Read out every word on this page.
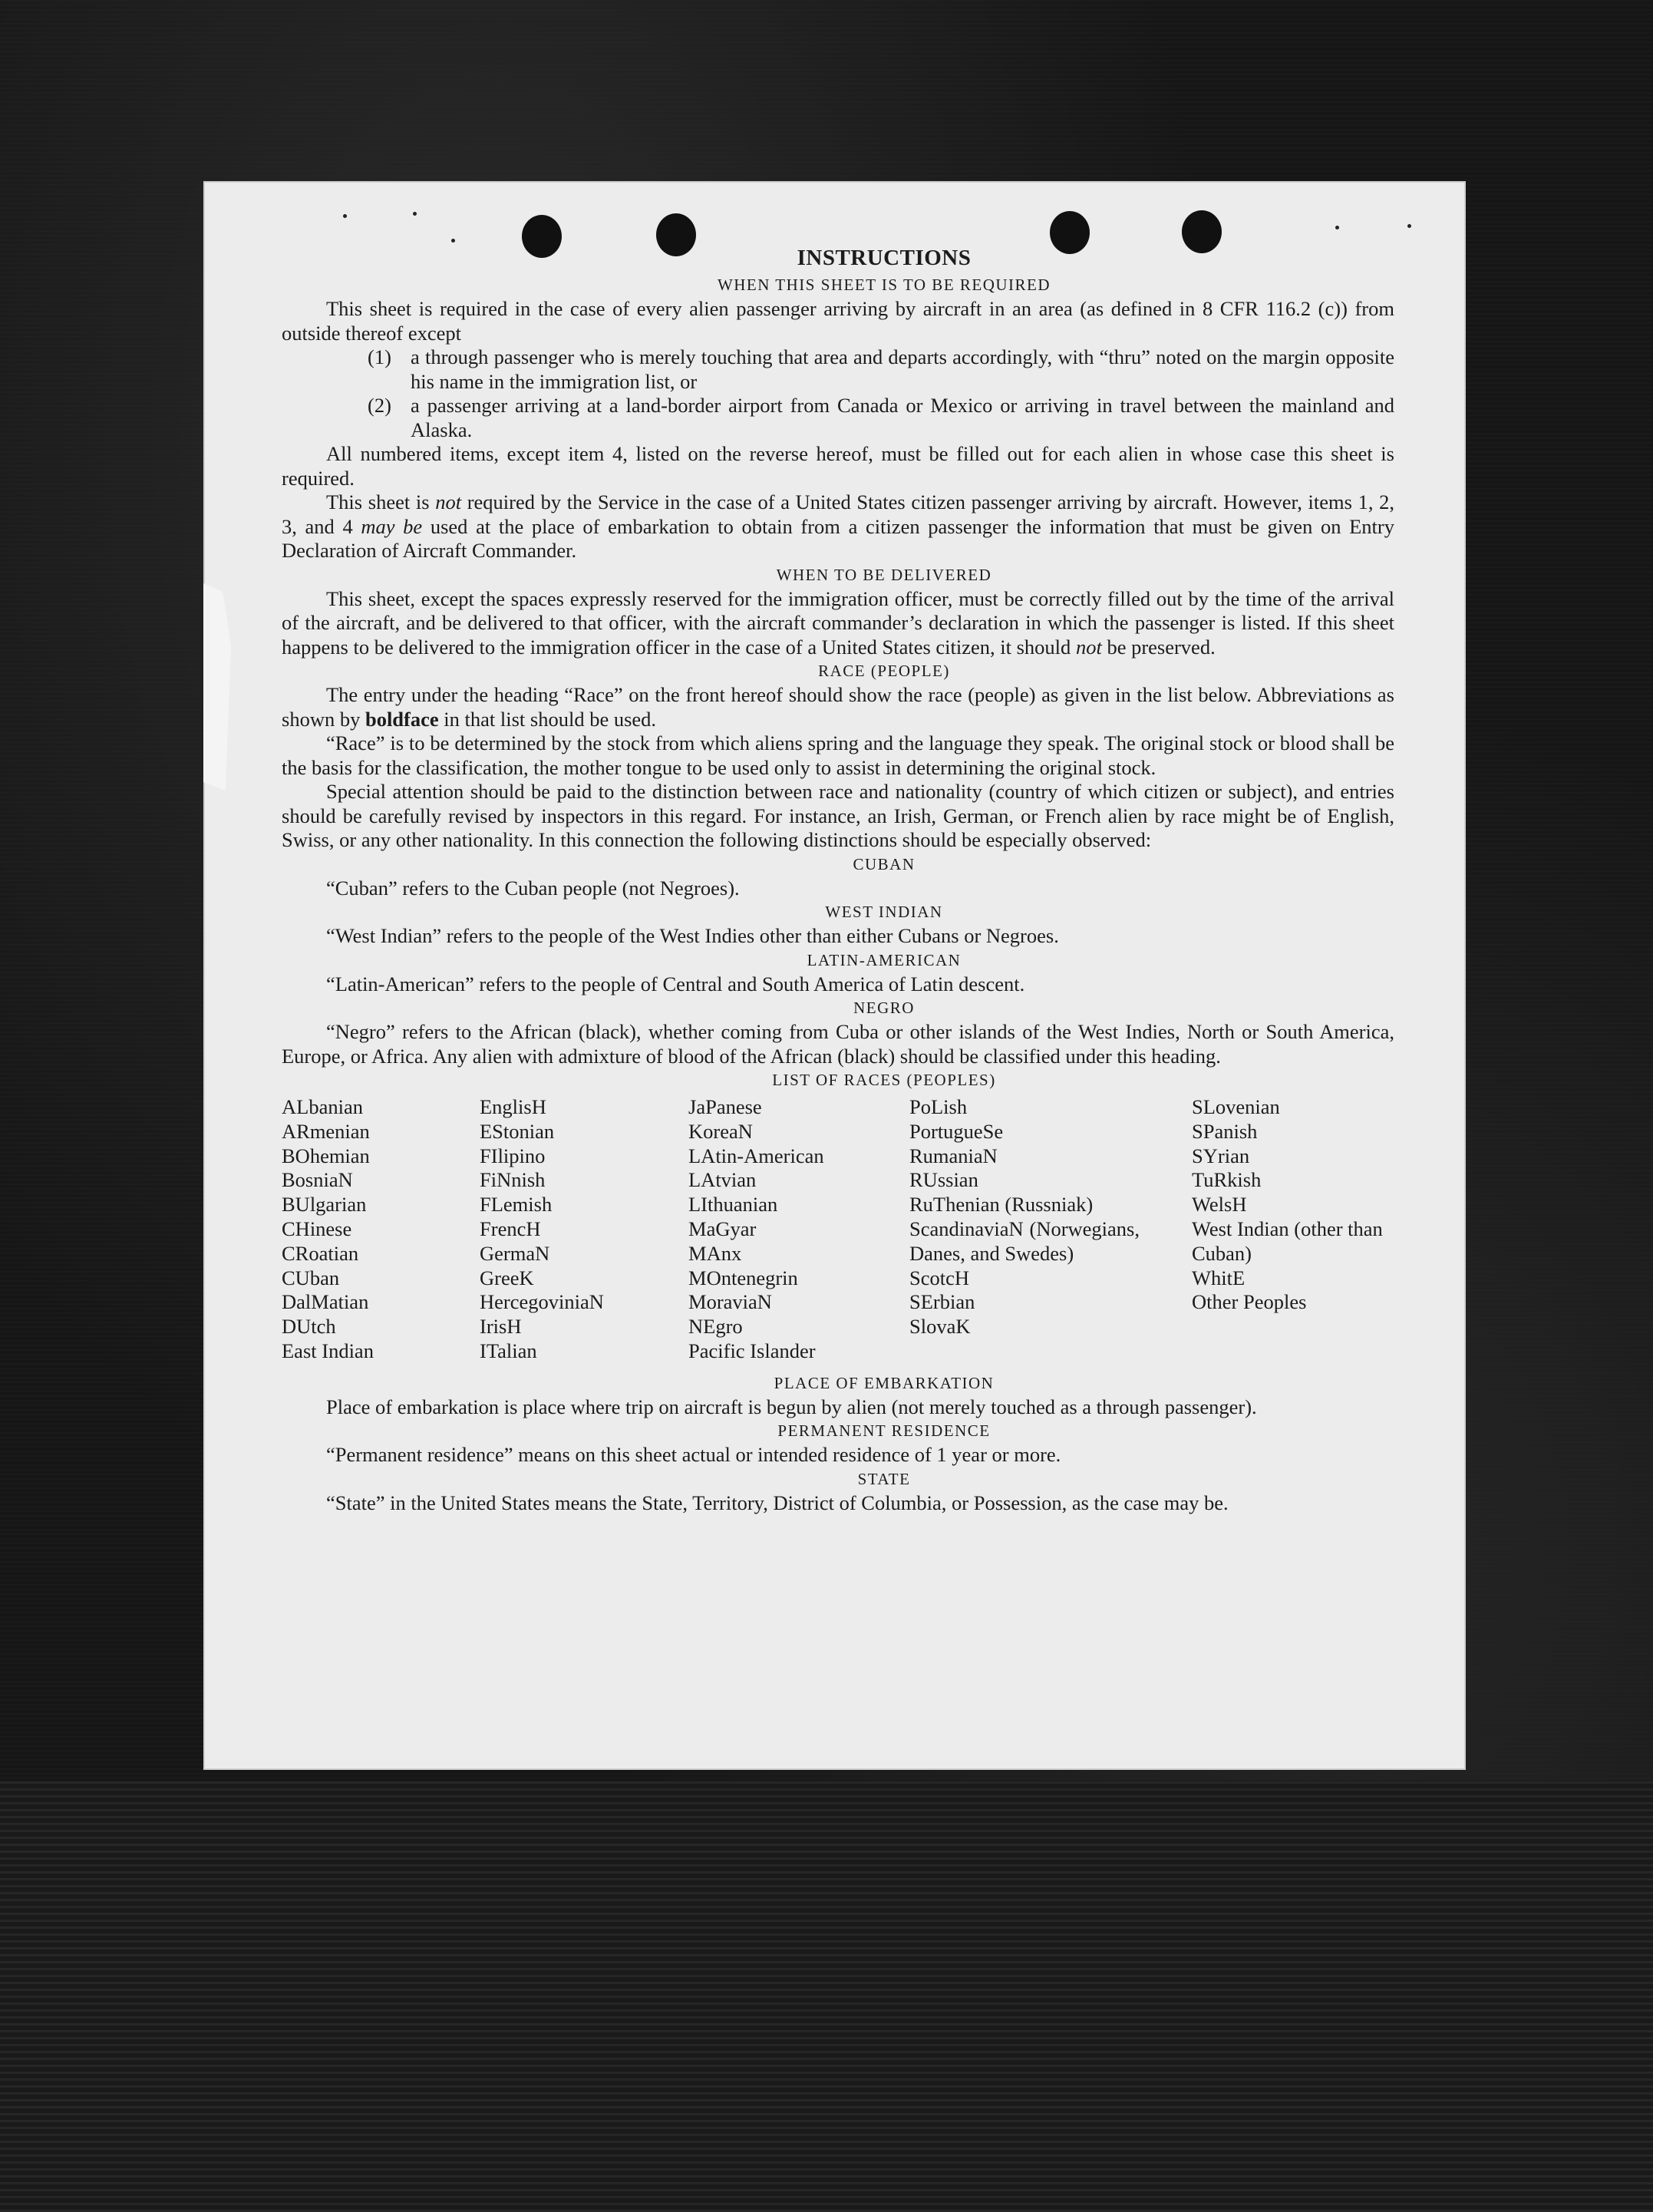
INSTRUCTIONS
WHEN THIS SHEET IS TO BE REQUIRED

This sheet is required in the case of every alien passenger arriving by aircraft in an area (as defined in 8 CFR 116.2 (c)) from outside thereof except

(1) a through passenger who is merely touching that area and departs accordingly, with “thru” noted on the margin opposite his name in the immigration list, or
(2) a passenger arriving at a land-border airport from Canada or Mexico or arriving in travel between the mainland and Alaska.

All numbered items, except item 4, listed on the reverse hereof, must be filled out for each alien in whose case this sheet is required.

This sheet is not required by the Service in the case of a United States citizen passenger arriving by aircraft. However, items 1, 2, 3, and 4 may be used at the place of embarkation to obtain from a citizen passenger the information that must be given on Entry Declaration of Aircraft Commander.

WHEN TO BE DELIVERED

This sheet, except the spaces expressly reserved for the immigration officer, must be correctly filled out by the time of the arrival of the aircraft, and be delivered to that officer, with the aircraft commander’s declaration in which the passenger is listed. If this sheet happens to be delivered to the immigration officer in the case of a United States citizen, it should not be preserved.

RACE (PEOPLE)

The entry under the heading “Race” on the front hereof should show the race (people) as given in the list below. Abbreviations as shown by boldface in that list should be used.

“Race” is to be determined by the stock from which aliens spring and the language they speak. The original stock or blood shall be the basis for the classification, the mother tongue to be used only to assist in determining the original stock.

Special attention should be paid to the distinction between race and nationality (country of which citizen or subject), and entries should be carefully revised by inspectors in this regard. For instance, an Irish, German, or French alien by race might be of English, Swiss, or any other nationality. In this connection the following distinctions should be especially observed:

CUBAN

“Cuban” refers to the Cuban people (not Negroes).

WEST INDIAN

“West Indian” refers to the people of the West Indies other than either Cubans or Negroes.

LATIN-AMERICAN

“Latin-American” refers to the people of Central and South America of Latin descent.

NEGRO

“Negro” refers to the African (black), whether coming from Cuba or other islands of the West Indies, North or South America, Europe, or Africa. Any alien with admixture of blood of the African (black) should be classified under this heading.

LIST OF RACES (PEOPLES)
ALbanian
ARmenian
BOhemian
BosniaN
BUlgarian
CHinese
CRoatian
CUban
DalMatian
DUtch
East Indian
EnglisH
EStonian
FIlipino
FiNnish
FLemish
FrencH
GermaN
GreeK
HercegoviniaN
IrisH
ITalian
JaPanese
KoreaN
LAtin-American
LAtvian
LIthuanian
MaGyar
MAnx
MOntenegrin
MoraviaN
NEgro
Pacific Islander
PoLish
PortugueSe
RumaniaN
RUssian
RuThenian (Russniak)
ScandinaviaN (Norwegians, Danes, and Swedes)
ScotcH
SErbian
SlovaK
SLovenian
SPanish
SYrian
TuRkish
WelsH
West Indian (other than Cuban)
WhitE
Other Peoples
PLACE OF EMBARKATION

Place of embarkation is place where trip on aircraft is begun by alien (not merely touched as a through passenger).

PERMANENT RESIDENCE

“Permanent residence” means on this sheet actual or intended residence of 1 year or more.

STATE

“State” in the United States means the State, Territory, District of Columbia, or Possession, as the case may be.
